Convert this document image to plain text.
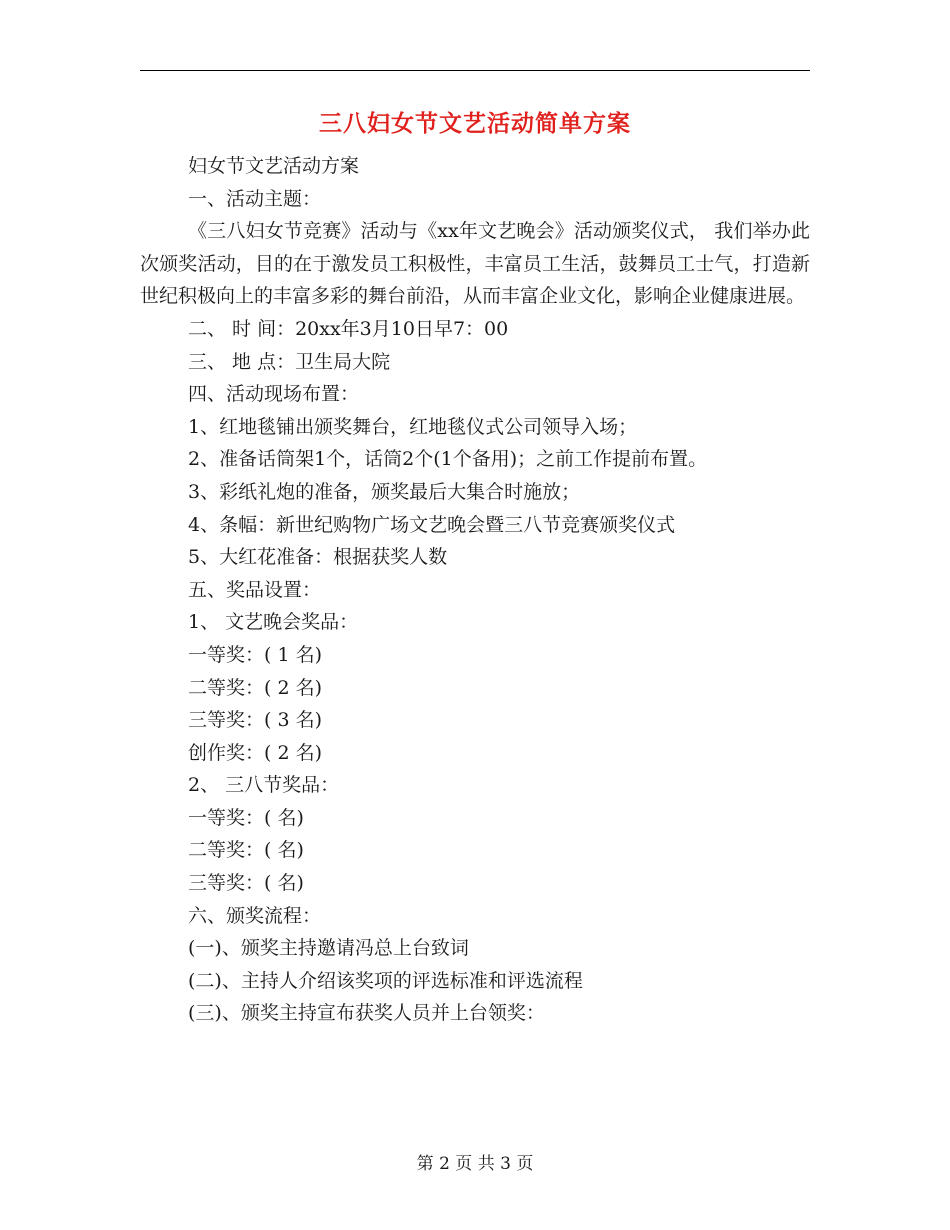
三八妇女节文艺活动简单方案
妇女节文艺活动方案
一、活动主题：
《三八妇女节竞赛》活动与《xx年文艺晚会》活动颁奖仪式， 我们举办此次颁奖活动，目的在于激发员工积极性，丰富员工生活，鼓舞员工士气，打造新世纪积极向上的丰富多彩的舞台前沿，从而丰富企业文化，影响企业健康进展。
二、 时 间：20xx年3月10日早7：00
三、 地 点：卫生局大院
四、活动现场布置：
1、红地毯铺出颁奖舞台，红地毯仪式公司领导入场；
2、准备话筒架1个，话筒2个(1个备用)；之前工作提前布置。
3、彩纸礼炮的准备，颁奖最后大集合时施放；
4、条幅：新世纪购物广场文艺晚会暨三八节竞赛颁奖仪式
5、大红花准备：根据获奖人数
五、奖品设置：
1、 文艺晚会奖品：
一等奖：( 1 名)
二等奖：( 2 名)
三等奖：( 3 名)
创作奖：( 2 名)
2、 三八节奖品：
一等奖：( 名)
二等奖：( 名)
三等奖：( 名)
六、颁奖流程：
(一)、颁奖主持邀请冯总上台致词
(二)、主持人介绍该奖项的评选标准和评选流程
(三)、颁奖主持宣布获奖人员并上台领奖：
第 2 页 共 3 页
